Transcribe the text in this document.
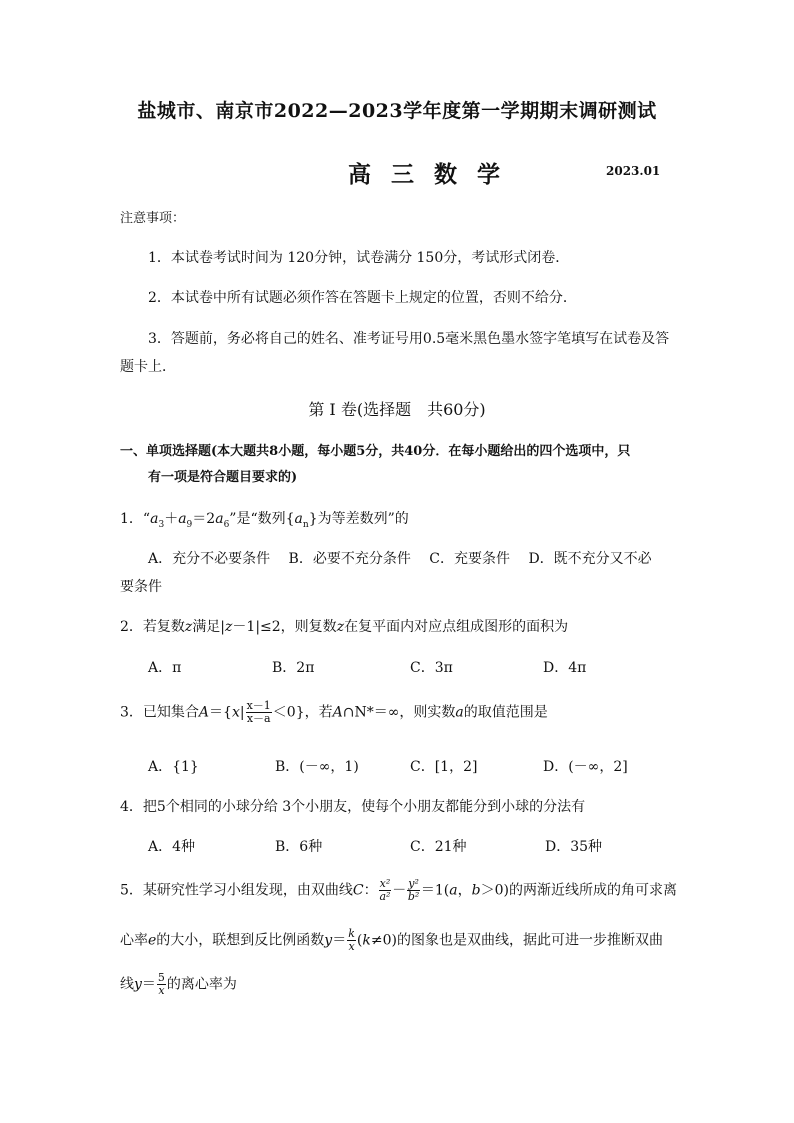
盐城市、南京市2022—2023学年度第一学期期末调研测试
高 三 数 学	2023.01
注意事项：
1．本试卷考试时间为 120分钟，试卷满分 150分，考试形式闭卷．
2．本试卷中所有试题必须作答在答题卡上规定的位置，否则不给分．
3．答题前，务必将自己的姓名、准考证号用0.5毫米黑色墨水签字笔填写在试卷及答
题卡上．
第 Ⅰ 卷(选择题　共60分)
一、单项选择题(本大题共8小题，每小题5分，共40分．在每小题给出的四个选项中，只
有一项是符合题目要求的)
1．“$a_3+a_9=2a_6$”是“数列$\{a_n\}$为等差数列”的
A．充分不必要条件　 B．必要不充分条件　 C．充要条件　 D．既不充分又不必
要条件
2．若复数z满足|z－1|≤2，则复数z在复平面内对应点组成图形的面积为
A．π	B．2π	C．3π	D．4π
3．已知集合$A=\{x| \frac{x-1}{x-a} <0\}$，若A∩N*＝∞，则实数a的取值范围是
A．{1}	B．(－∞，1)	C．[1，2]	D．(－∞，2]
4．把5个相同的小球分给 3个小朋友，使每个小朋友都能分到小球的分法有
A．4种	B．6种	C．21种	D．35种
5．某研究性学习小组发现，由双曲线C： $\frac{\text{x²}}{\text{a²}} - \frac{\text{y²}}{\text{b²}} =1(a$，b＞0)的两渐近线所成的角可求离
心率e的大小，联想到反比例函数$y= \frac{k}{x} (k\ne 0)$的图象也是双曲线，据此可进一步推断双曲
线$y= \frac{5}{x}$ 的离心率为
